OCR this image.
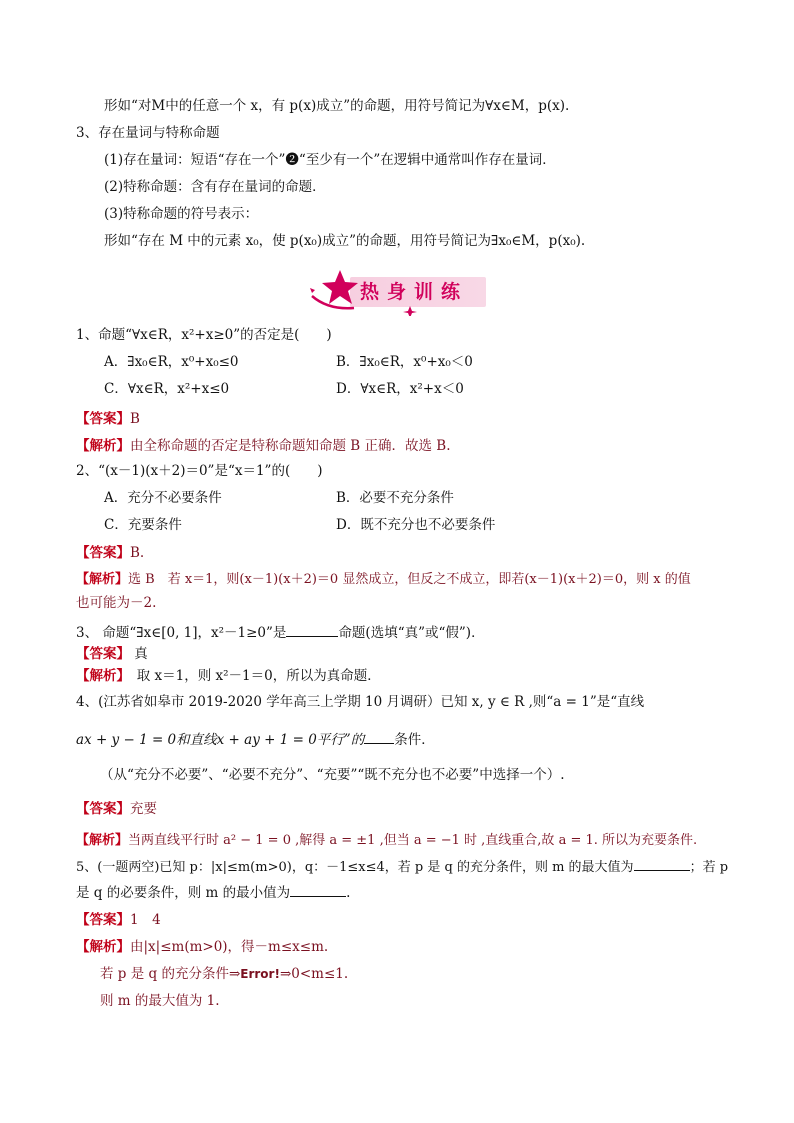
形如“对M中的任意一个 x，有 p(x)成立”的命题，用符号简记为∀x∈M，p(x).
3、存在量词与特称命题
(1)存在量词：短语“存在一个”❷“至少有一个”在逻辑中通常叫作存在量词．
(2)特称命题：含有存在量词的命题．
(3)特称命题的符号表示：
形如“存在 M 中的元素 x₀，使 p(x₀)成立”的命题，用符号简记为∃x₀∈M，p(x₀).
热身训练
1、命题“∀x∈R，x²+x≥0”的否定是(　　)
A．∃x₀∈R，x⁰+x₀≤0	B．∃x₀∈R，x⁰+x₀＜0
C．∀x∈R，x²+x≤0	D．∀x∈R，x²+x＜0
【答案】B
【解析】由全称命题的否定是特称命题知命题 B 正确．故选 B.
2、“(x－1)(x＋2)＝0”是“x＝1”的(　　)
A．充分不必要条件	B．必要不充分条件
C．充要条件	D．既不充分也不必要条件
【答案】B.
【解析】选 B　若 x＝1，则(x－1)(x＋2)＝0 显然成立，但反之不成立，即若(x－1)(x＋2)＝0，则 x 的值
也可能为－2.
3、 命题“∃x∈[0, 1]，x²－1≥0”是	命题(选填“真”或“假”)．
【答案】 真
【解析】　取 x＝1，则 x²－1＝0，所以为真命题．
4、(江苏省如皋市 2019-2020 学年高三上学期 10 月调研）已知 x, y ∈ R ,则“a = 1”是“直线
ax + y − 1 = 0和直线x + ay + 1 = 0平行”的 条件．
（从“充分不必要”、“必要不充分”、“充要”“既不充分也不必要”中选择一个）.
【答案】充要
【解析】当两直线平行时 a² − 1 = 0 ,解得 a = ±1 ,但当 a = −1 时 ,直线重合,故 a = 1. 所以为充要条件.
5、(一题两空)已知 p：|x|≤m(m>0)，q：－1≤x≤4，若 p 是 q 的充分条件，则 m 的最大值为	；若 p
是 q 的必要条件，则 m 的最小值为	.
【答案】1　4
【解析】由|x|≤m(m>0)，得－m≤x≤m.
若 p 是 q 的充分条件⇒Error!⇒0<m≤1.
则 m 的最大值为 1.
